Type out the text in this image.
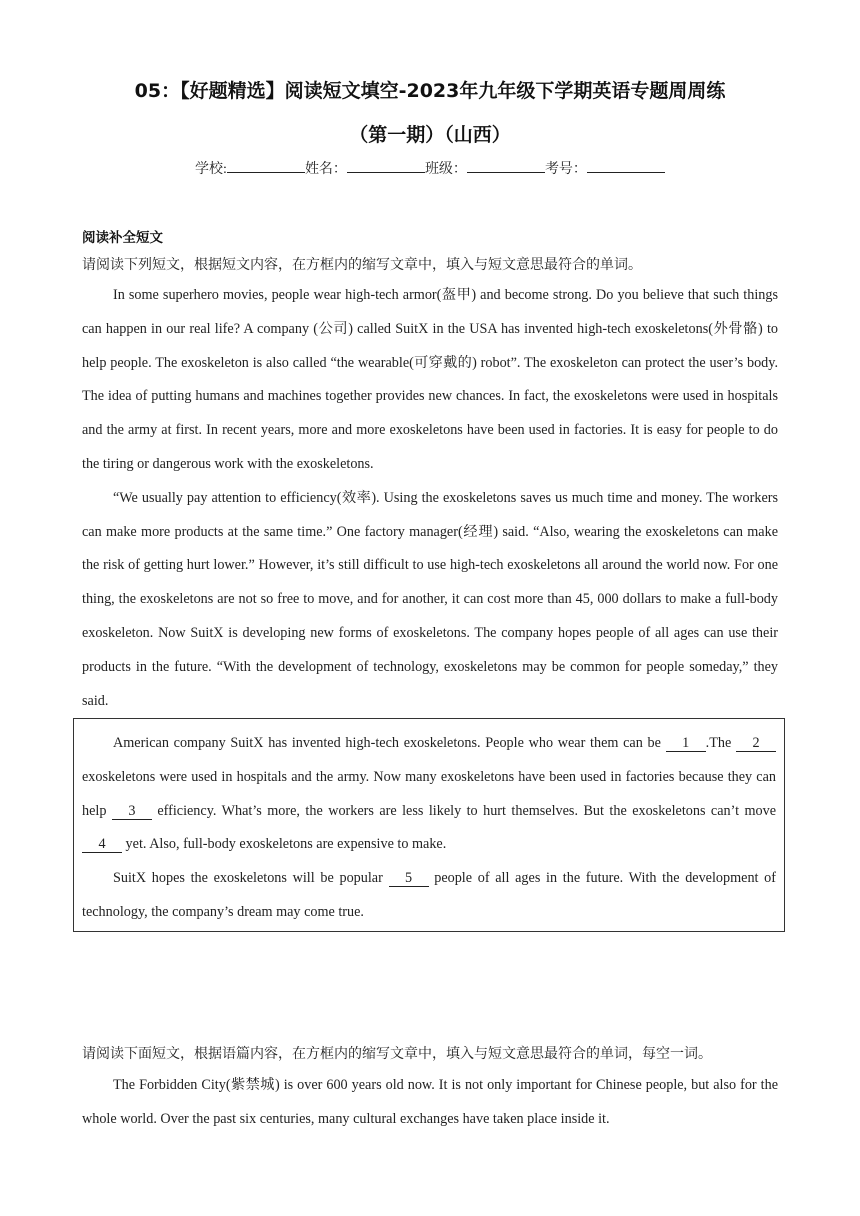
05：【好题精选】阅读短文填空-2023年九年级下学期英语专题周周练
（第一期）（山西）
学校:	姓名：	班级：	考号：
阅读补全短文
请阅读下列短文，根据短文内容，在方框内的缩写文章中，填入与短文意思最符合的单词。

In some superhero movies, people wear high-tech armor(盔甲) and become strong. Do you believe that such things can happen in our real life? A company (公司) called SuitX in the USA has invented high-tech exoskeletons(外骨骼) to help people. The exoskeleton is also called “the wearable(可穿戴的) robot”. The exoskeleton can protect the user’s body. The idea of putting humans and machines together provides new chances. In fact, the exoskeletons were used in hospitals and the army at first. In recent years, more and more exoskeletons have been used in factories. It is easy for people to do the tiring or dangerous work with the exoskeletons.

“We usually pay attention to efficiency(效率). Using the exoskeletons saves us much time and money. The workers can make more products at the same time.” One factory manager(经理) said. “Also, wearing the exoskeletons can make the risk of getting hurt lower.” However, it’s still difficult to use high-tech exoskeletons all around the world now. For one thing, the exoskeletons are not so free to move, and for another, it can cost more than 45, 000 dollars to make a full-body exoskeleton. Now SuitX is developing new forms of exoskeletons. The company hopes people of all ages can use their products in the future. “With the development of technology, exoskeletons may be common for people someday,” they said.

American company SuitX has invented high-tech exoskeletons. People who wear them can be 1 .The 2 exoskeletons were used in hospitals and the army. Now many exoskeletons have been used in factories because they can help 3 efficiency. What’s more, the workers are less likely to hurt themselves. But the exoskeletons can’t move 4 yet. Also, full-body exoskeletons are expensive to make.

SuitX hopes the exoskeletons will be popular 5 people of all ages in the future. With the development of technology, the company’s dream may come true.

请阅读下面短文，根据语篇内容，在方框内的缩写文章中，填入与短文意思最符合的单词，每空一词。

The Forbidden City(紫禁城) is over 600 years old now. It is not only important for Chinese people, but also for the whole world. Over the past six centuries, many cultural exchanges have taken place inside it.
